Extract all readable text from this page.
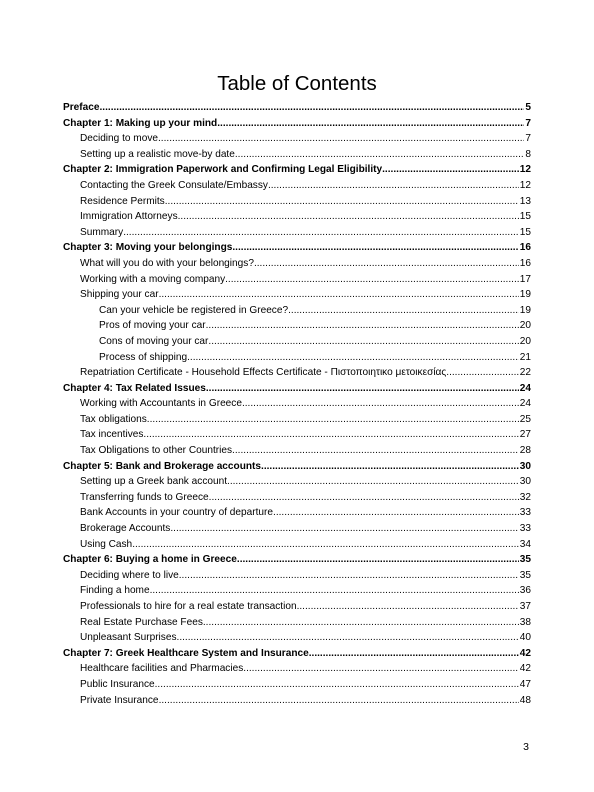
Table of Contents
Preface .....	5
Chapter 1: Making up your mind .....	7
Deciding to move .....	7
Setting up a realistic move-by date .....	8
Chapter 2: Immigration Paperwork and Confirming Legal Eligibility .....	12
Contacting the Greek Consulate/Embassy .....	12
Residence Permits .....	13
Immigration Attorneys .....	15
Summary .....	15
Chapter 3: Moving your belongings .....	16
What will you do with your belongings? .....	16
Working with a moving company .....	17
Shipping your car .....	19
Can your vehicle be registered in Greece? .....	19
Pros of moving your car .....	20
Cons of moving your car .....	20
Process of shipping .....	21
Repatriation Certificate - Household Effects Certificate - Πιστοποιητικο μετοικεσίας .....	22
Chapter 4: Tax Related Issues .....	24
Working with Accountants in Greece .....	24
Tax obligations .....	25
Tax incentives .....	27
Tax Obligations to other Countries .....	28
Chapter 5: Bank and Brokerage accounts .....	30
Setting up a Greek bank account .....	30
Transferring funds to Greece .....	32
Bank Accounts in your country of departure .....	33
Brokerage Accounts .....	33
Using Cash .....	34
Chapter 6: Buying a home in Greece .....	35
Deciding where to live .....	35
Finding a home .....	36
Professionals to hire for a real estate transaction .....	37
Real Estate Purchase Fees .....	38
Unpleasant Surprises .....	40
Chapter 7: Greek Healthcare System and Insurance .....	42
Healthcare facilities and Pharmacies .....	42
Public Insurance .....	47
Private Insurance .....	48
3
